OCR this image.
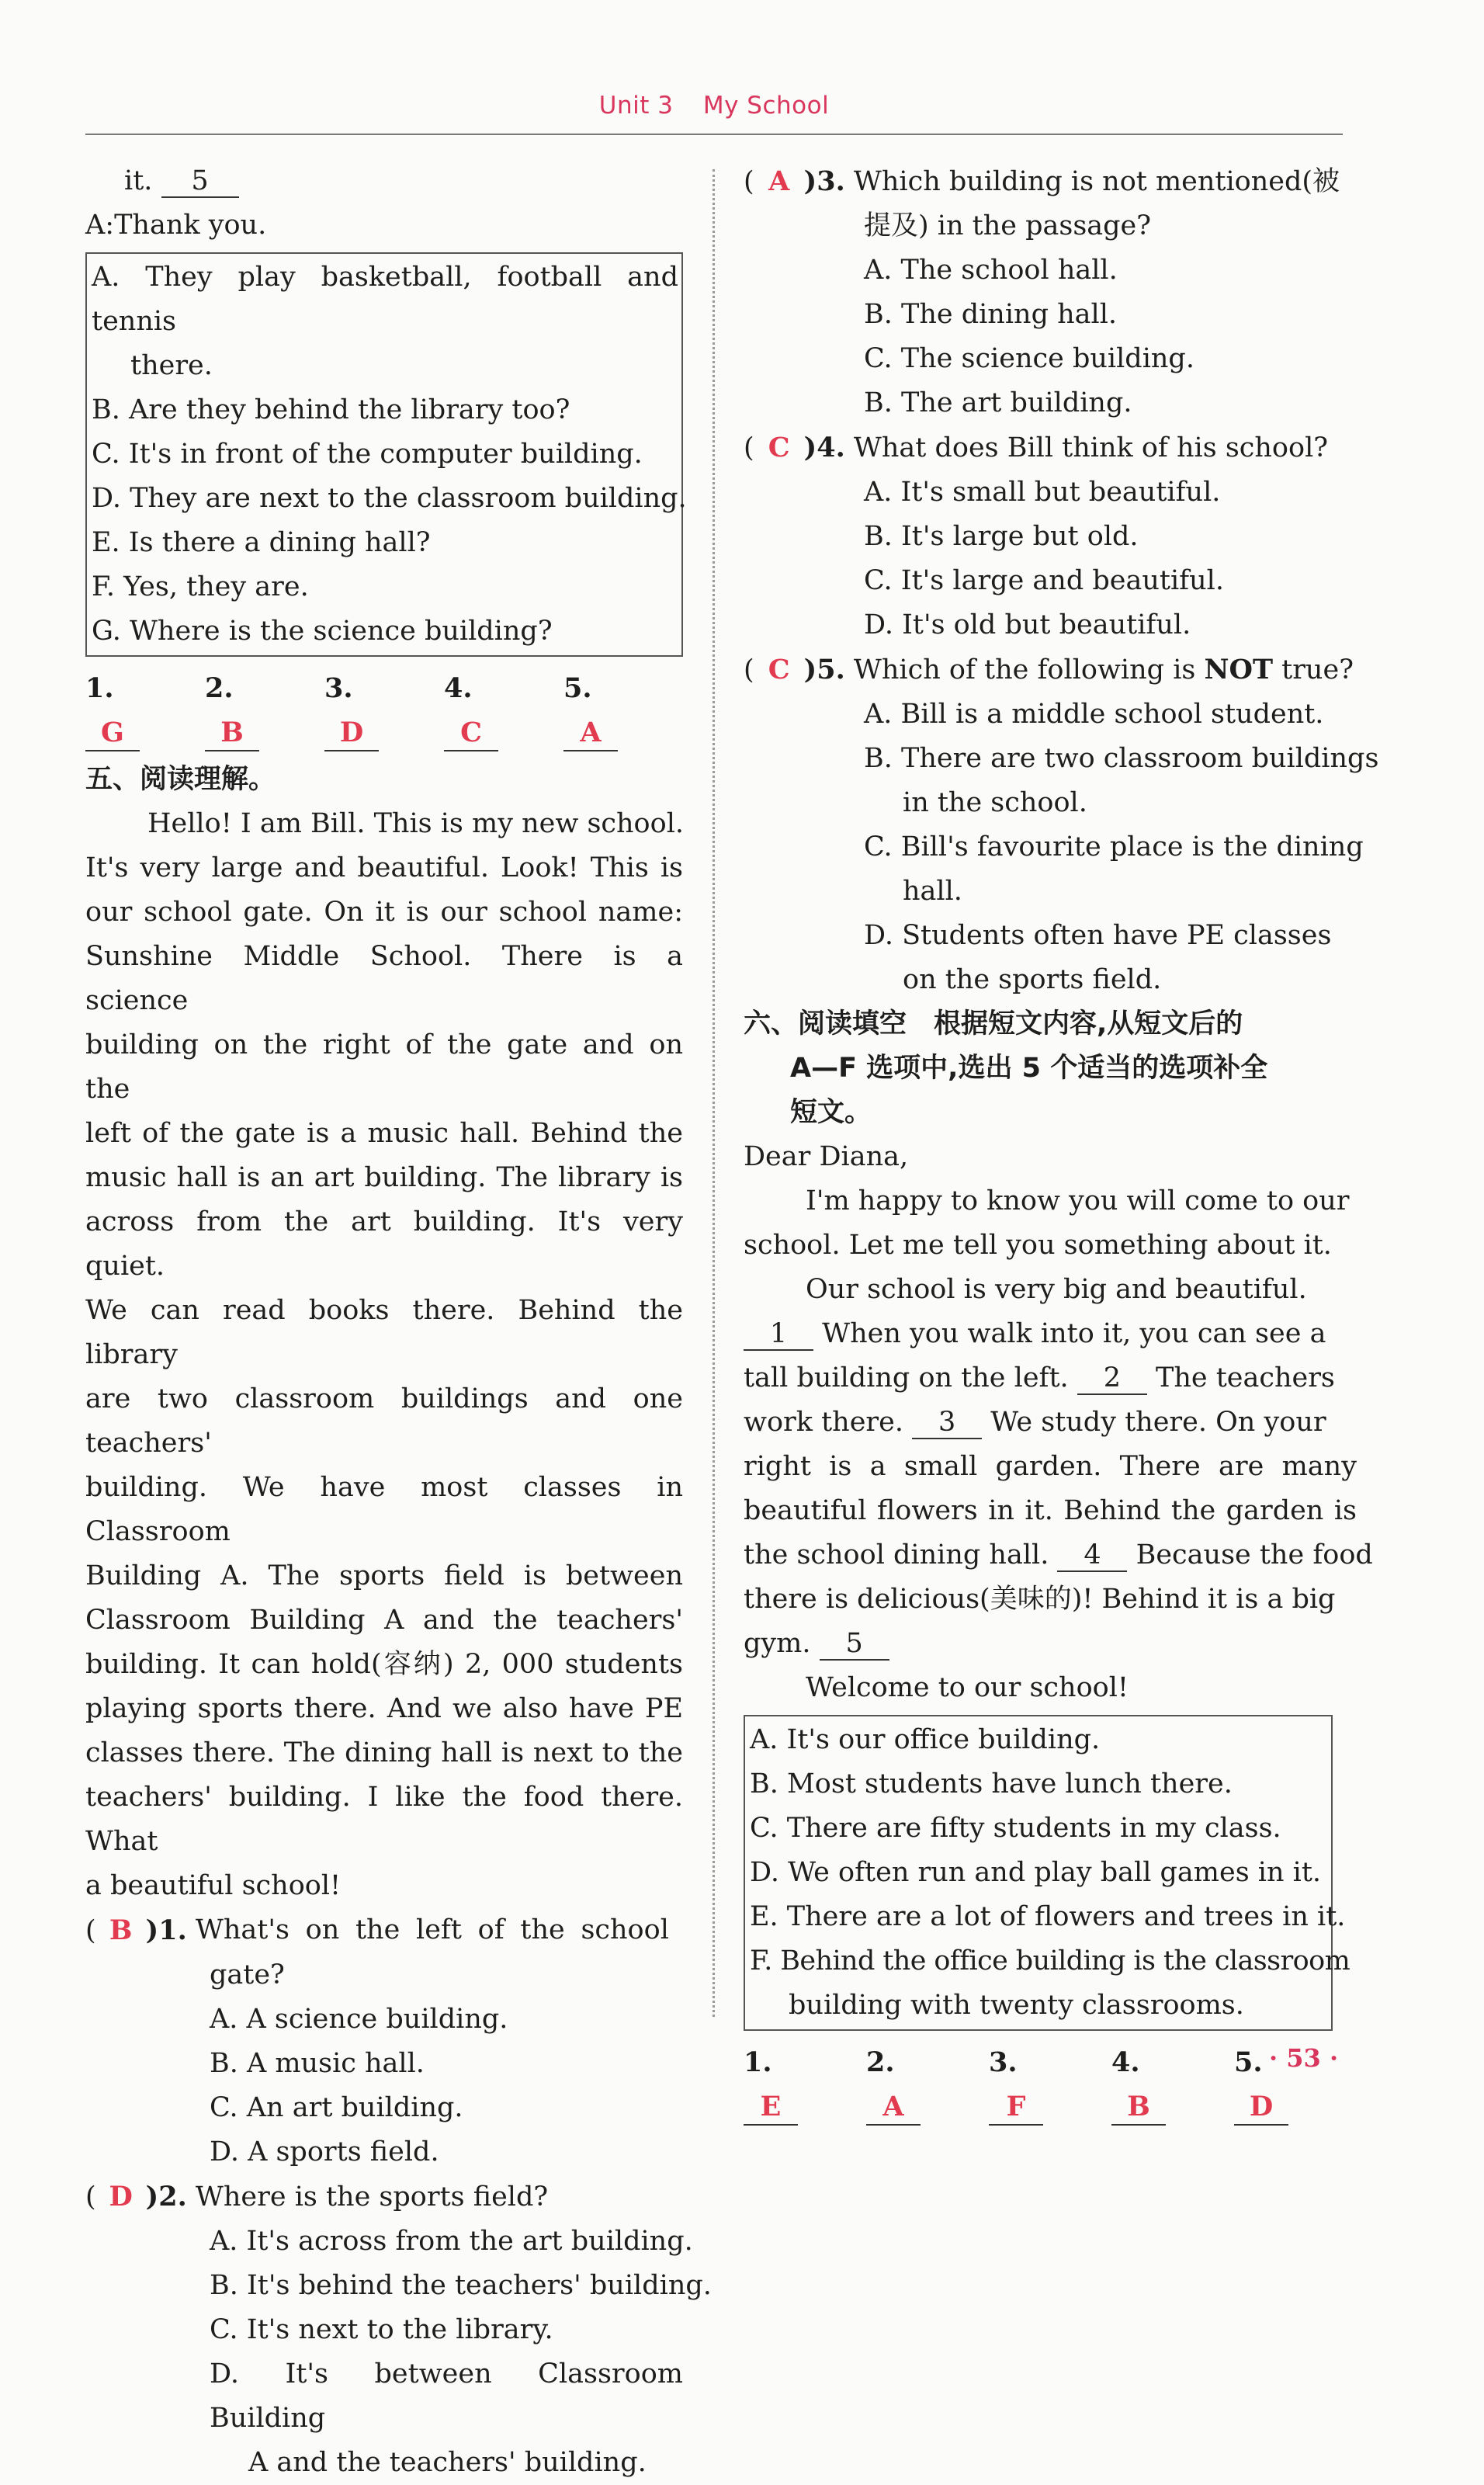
Unit 3 My School
it. 5
A:Thank you.
A. They play basketball, football and tennis
there.
B. Are they behind the library too?
C. It's in front of the computer building.
D. They are next to the classroom building.
E. Is there a dining hall?
F. Yes, they are.
G. Where is the science building?
1. G
2. B
3. D
4. C
5. A
五、阅读理解。
Hello! I am Bill. This is my new school.
It's very large and beautiful. Look! This is
our school gate. On it is our school name:
Sunshine Middle School. There is a science
building on the right of the gate and on the
left of the gate is a music hall. Behind the
music hall is an art building. The library is
across from the art building. It's very quiet.
We can read books there. Behind the library
are two classroom buildings and one teachers'
building. We have most classes in Classroom
Building A. The sports field is between
Classroom Building A and the teachers'
building. It can hold(容纳) 2, 000 students
playing sports there. And we also have PE
classes there. The dining hall is next to the
teachers' building. I like the food there. What
a beautiful school!
( B )1. What's on the left of the school
gate?
A. A science building.
B. A music hall.
C. An art building.
D. A sports field.
( D )2. Where is the sports field?
A. It's across from the art building.
B. It's behind the teachers' building.
C. It's next to the library.
D. It's between Classroom Building
A and the teachers' building.
( A )3. Which building is not mentioned(被
提及) in the passage?
A. The school hall.
B. The dining hall.
C. The science building.
B. The art building.
( C )4. What does Bill think of his school?
A. It's small but beautiful.
B. It's large but old.
C. It's large and beautiful.
D. It's old but beautiful.
( C )5. Which of the following is NOT true?
A. Bill is a middle school student.
B. There are two classroom buildings
in the school.
C. Bill's favourite place is the dining
hall.
D. Students often have PE classes
on the sports field.
六、阅读填空　根据短文内容,从短文后的
A—F 选项中,选出 5 个适当的选项补全
短文。
Dear Diana,
I'm happy to know you will come to our
school. Let me tell you something about it.
Our school is very big and beautiful.
1 When you walk into it, you can see a
tall building on the left. 2 The teachers
work there. 3 We study there. On your
right is a small garden. There are many
beautiful flowers in it. Behind the garden is
the school dining hall. 4 Because the food
there is delicious(美味的)! Behind it is a big
gym. 5
Welcome to our school!
A. It's our office building.
B. Most students have lunch there.
C. There are fifty students in my class.
D. We often run and play ball games in it.
E. There are a lot of flowers and trees in it.
F. Behind the office building is the classroom
building with twenty classrooms.
1. E
2. A
3. F
4. B
5. D
· 53 ·
